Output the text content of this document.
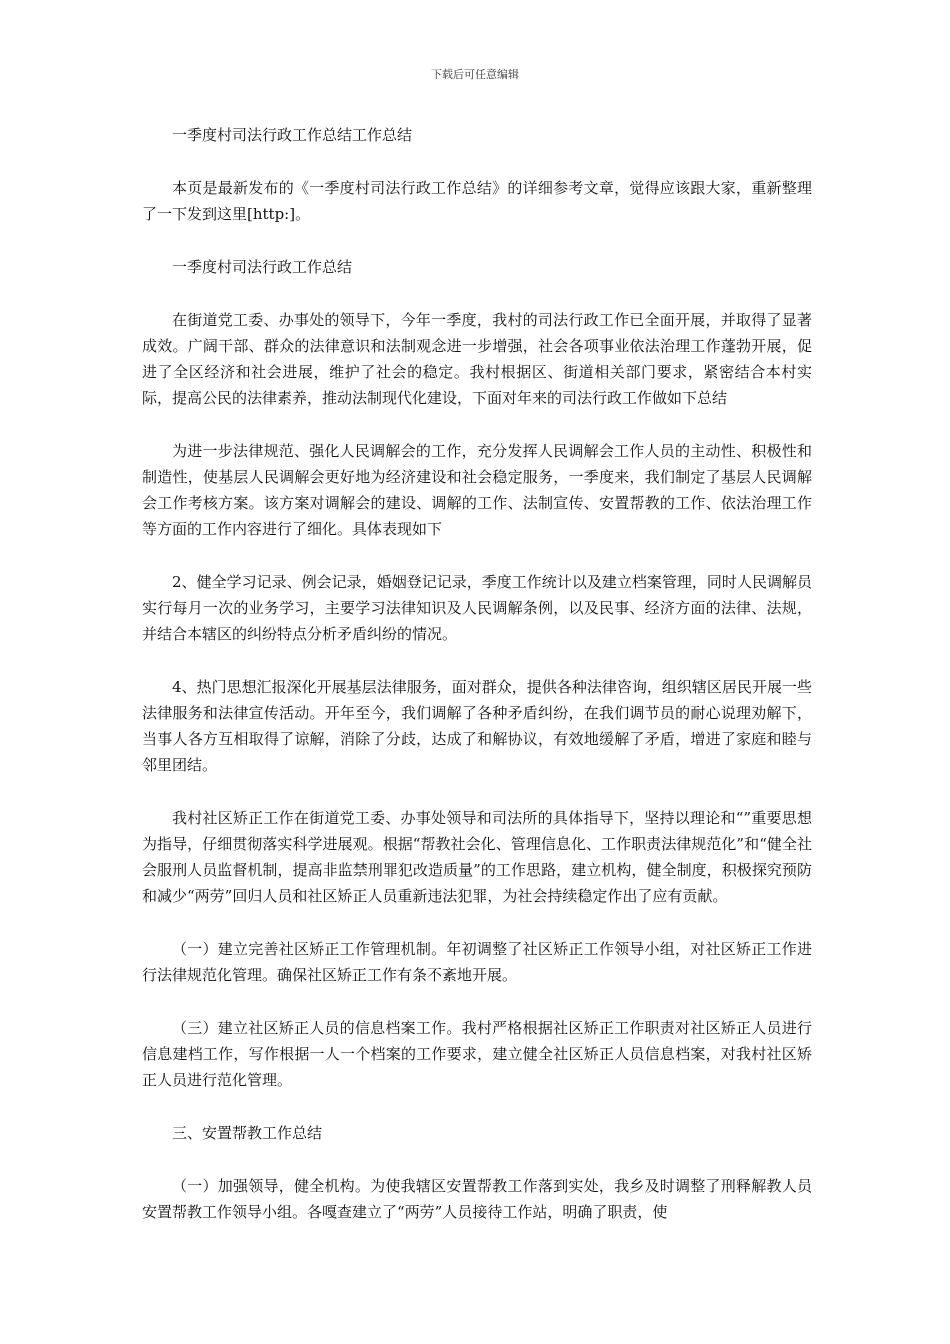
下载后可任意编辑

一季度村司法行政工作总结工作总结

本页是最新发布的《一季度村司法行政工作总结》的详细参考文章，觉得应该跟大家，重新整理了一下发到这里[http:]。

一季度村司法行政工作总结

在街道党工委、办事处的领导下，今年一季度，我村的司法行政工作已全面开展，并取得了显著成效。广阔干部、群众的法律意识和法制观念进一步增强，社会各项事业依法治理工作蓬勃开展，促进了全区经济和社会进展，维护了社会的稳定。我村根据区、街道相关部门要求，紧密结合本村实际，提高公民的法律素养，推动法制现代化建设，下面对年来的司法行政工作做如下总结

为进一步法律规范、强化人民调解会的工作，充分发挥人民调解会工作人员的主动性、积极性和制造性，使基层人民调解会更好地为经济建设和社会稳定服务，一季度来，我们制定了基层人民调解会工作考核方案。该方案对调解会的建设、调解的工作、法制宣传、安置帮教的工作、依法治理工作等方面的工作内容进行了细化。具体表现如下

2、健全学习记录、例会记录，婚姻登记记录，季度工作统计以及建立档案管理，同时人民调解员实行每月一次的业务学习，主要学习法律知识及人民调解条例，以及民事、经济方面的法律、法规，并结合本辖区的纠纷特点分析矛盾纠纷的情况。

4、热门思想汇报深化开展基层法律服务，面对群众，提供各种法律咨询，组织辖区居民开展一些法律服务和法律宣传活动。开年至今，我们调解了各种矛盾纠纷，在我们调节员的耐心说理劝解下，当事人各方互相取得了谅解，消除了分歧，达成了和解协议，有效地缓解了矛盾，增进了家庭和睦与邻里团结。

我村社区矫正工作在街道党工委、办事处领导和司法所的具体指导下，坚持以理论和“”重要思想为指导，仔细贯彻落实科学进展观。根据“帮教社会化、管理信息化、工作职责法律规范化”和“健全社会服刑人员监督机制，提高非监禁刑罪犯改造质量”的工作思路，建立机构，健全制度，积极探究预防和减少“两劳”回归人员和社区矫正人员重新违法犯罪，为社会持续稳定作出了应有贡献。

（一）建立完善社区矫正工作管理机制。年初调整了社区矫正工作领导小组，对社区矫正工作进行法律规范化管理。确保社区矫正工作有条不紊地开展。

（三）建立社区矫正人员的信息档案工作。我村严格根据社区矫正工作职责对社区矫正人员进行信息建档工作，写作根据一人一个档案的工作要求，建立健全社区矫正人员信息档案，对我村社区矫正人员进行范化管理。

三、安置帮教工作总结

（一）加强领导，健全机构。为使我辖区安置帮教工作落到实处，我乡及时调整了刑释解教人员安置帮教工作领导小组。各嘎查建立了“两劳”人员接待工作站，明确了职责，使
